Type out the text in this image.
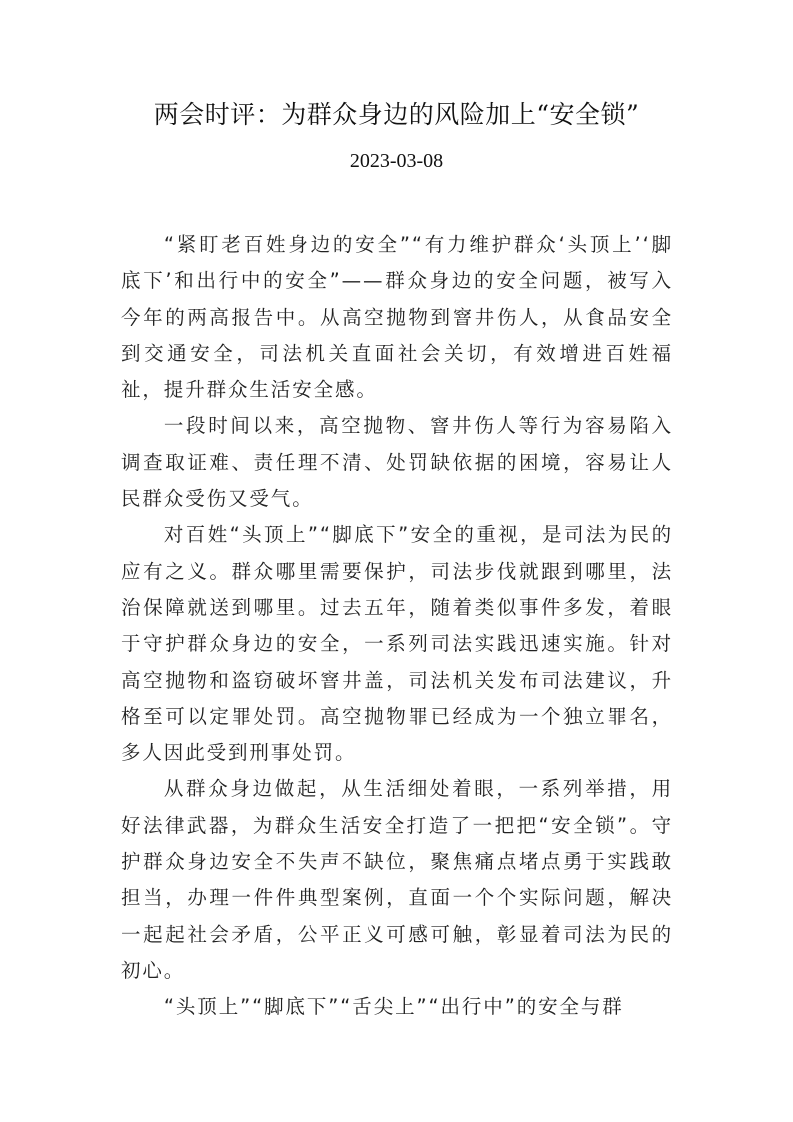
两会时评：为群众身边的风险加上“安全锁”
2023-03-08

“紧盯老百姓身边的安全”“有力维护群众‘头顶上’‘脚底下’和出行中的安全”——群众身边的安全问题，被写入今年的两高报告中。从高空抛物到窨井伤人，从食品安全到交通安全，司法机关直面社会关切，有效增进百姓福祉，提升群众生活安全感。

一段时间以来，高空抛物、窨井伤人等行为容易陷入调查取证难、责任理不清、处罚缺依据的困境，容易让人民群众受伤又受气。

对百姓“头顶上”“脚底下”安全的重视，是司法为民的应有之义。群众哪里需要保护，司法步伐就跟到哪里，法治保障就送到哪里。过去五年，随着类似事件多发，着眼于守护群众身边的安全，一系列司法实践迅速实施。针对高空抛物和盗窃破坏窨井盖，司法机关发布司法建议，升格至可以定罪处罚。高空抛物罪已经成为一个独立罪名，多人因此受到刑事处罚。

从群众身边做起，从生活细处着眼，一系列举措，用好法律武器，为群众生活安全打造了一把把“安全锁”。守护群众身边安全不失声不缺位，聚焦痛点堵点勇于实践敢担当，办理一件件典型案例，直面一个个实际问题，解决一起起社会矛盾，公平正义可感可触，彰显着司法为民的初心。

“头顶上”“脚底下”“舌尖上”“出行中”的安全与群
